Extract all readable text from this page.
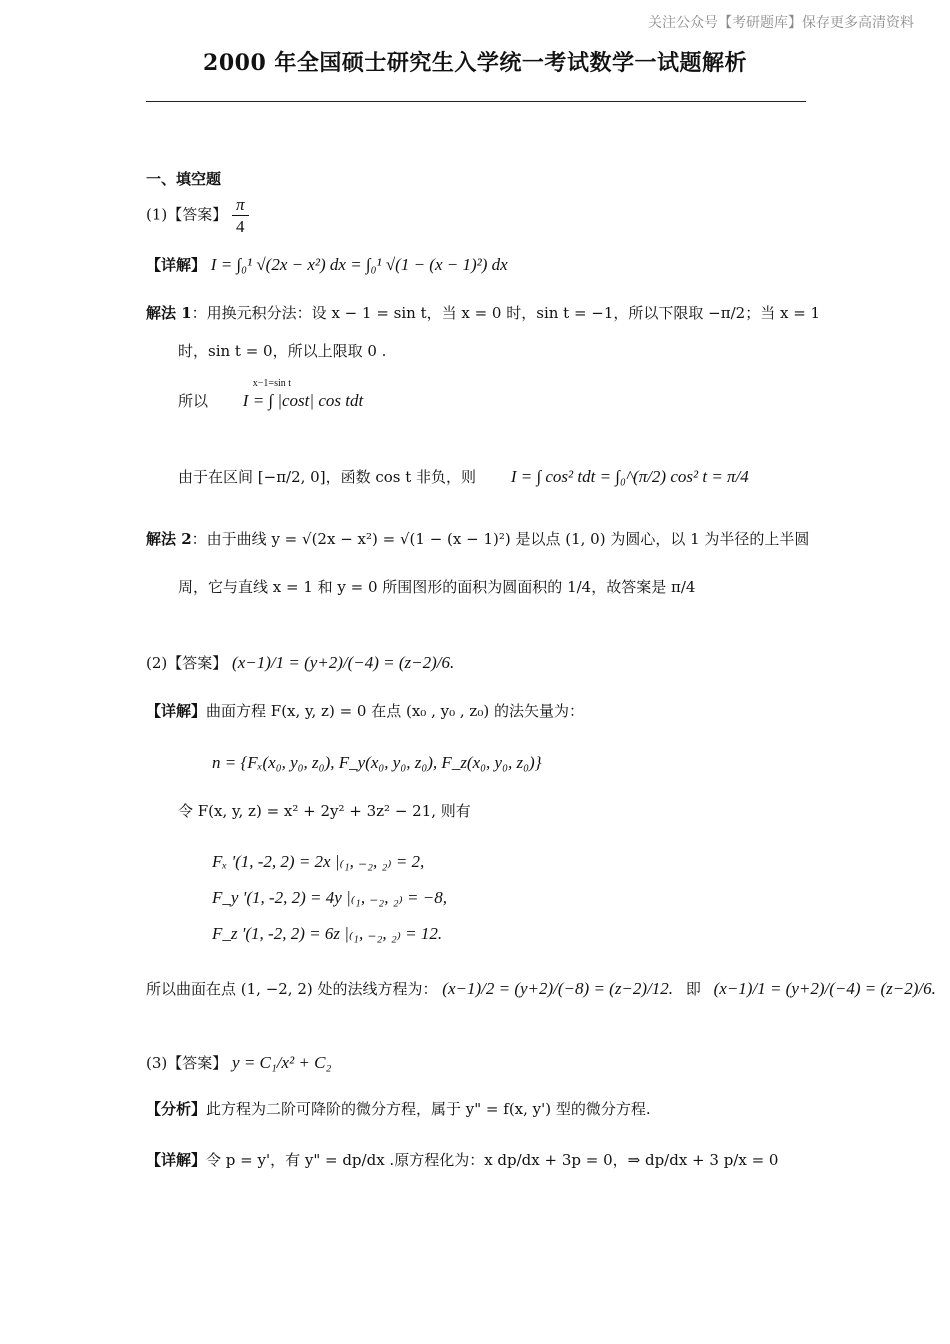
关注公众号【考研题库】保存更多高清资料
2000 年全国硕士研究生入学统一考试数学一试题解析
一、填空题
(1)【答案】 $\frac{\pi}{4}$
【详解】 I = ∫₀¹ √(2x − x²) dx = ∫₀¹ √(1 − (x − 1)²) dx
解法 1：用换元积分法：设 x − 1 = sin t，当 x = 0 时，sin t = −1，所以下限取 −π/2；当 x = 1
时，sin t = 0，所以上限取 0 .
所以
x−1=sin t
I = ∫ |cost| cos tdt
由于在区间 [−π/2, 0]，函数 cos t 非负，则 I = ∫ cos² tdt = ∫₀^(π/2) cos² t = π/4
解法 2：由于曲线 y = √(2x − x²) = √(1 − (x − 1)²) 是以点 (1, 0) 为圆心，以 1 为半径的上半圆
周，它与直线 x = 1 和 y = 0 所围图形的面积为圆面积的 1/4，故答案是 π/4
(2)【答案】 (x−1)/1 = (y+2)/(−4) = (z−2)/6.
【详解】曲面方程 F(x, y, z) = 0 在点 (x₀ , y₀ , z₀) 的法矢量为：
n = {Fₓ(x₀, y₀, z₀), F_y(x₀, y₀, z₀), F_z(x₀, y₀, z₀)}
令 F(x, y, z) = x² + 2y² + 3z² − 21, 则有
Fₓ '(1, -2, 2) = 2x |₍₁, ₋₂, ₂₎ = 2,
F_y '(1, -2, 2) = 4y |₍₁, ₋₂, ₂₎ = −8,
F_z '(1, -2, 2) = 6z |₍₁, ₋₂, ₂₎ = 12.
所以曲面在点 (1, −2, 2) 处的法线方程为： (x−1)/2 = (y+2)/(−8) = (z−2)/12. 即 (x−1)/1 = (y+2)/(−4) = (z−2)/6.
(3)【答案】 y = C₁/x² + C₂
【分析】此方程为二阶可降阶的微分方程，属于 y" = f(x, y') 型的微分方程.
【详解】令 p = y'，有 y" = dp/dx .原方程化为：x dp/dx + 3p = 0，⇒ dp/dx + 3 p/x = 0
